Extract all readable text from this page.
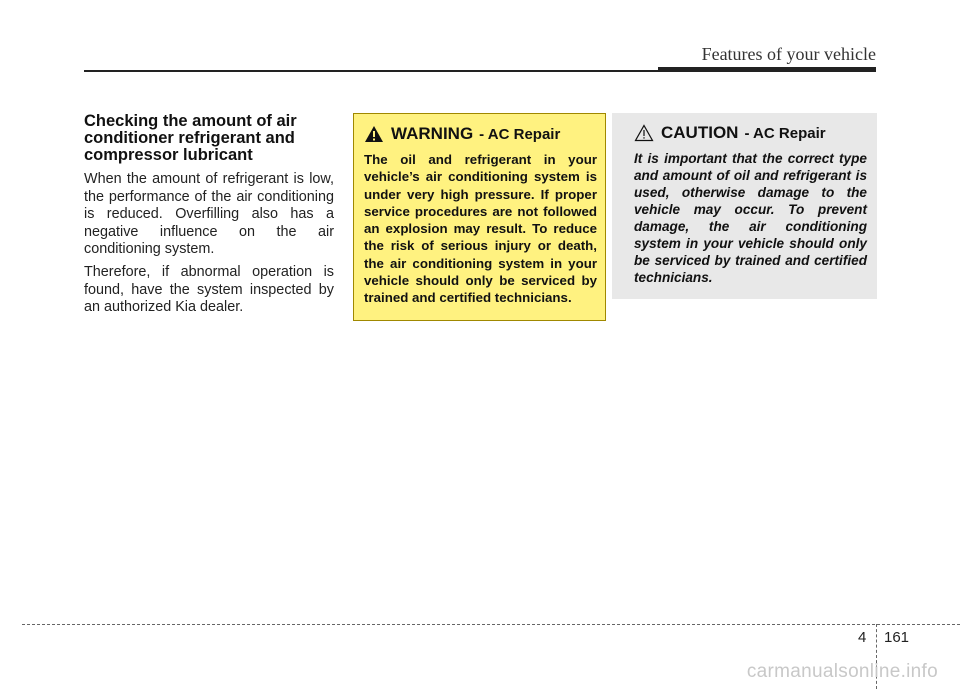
Features of your vehicle
Checking the amount of air conditioner refrigerant and compressor lubricant

When the amount of refrigerant is low, the performance of the air conditioning is reduced. Overfilling also has a negative influence on the air conditioning system.

Therefore, if abnormal operation is found, have the system inspected by an authorized Kia dealer.

WARNING - AC Repair

The oil and refrigerant in your vehicle’s air conditioning system is under very high pressure. If proper service procedures are not followed an explosion may result. To reduce the risk of serious injury or death, the air conditioning system in your vehicle should only be serviced by trained and certified technicians.

CAUTION - AC Repair

It is important that the correct type and amount of oil and refrigerant is used, otherwise damage to the vehicle may occur. To prevent damage, the air conditioning system in your vehicle should only be serviced by trained and certified technicians.

4 161
carmanualsonline.info
